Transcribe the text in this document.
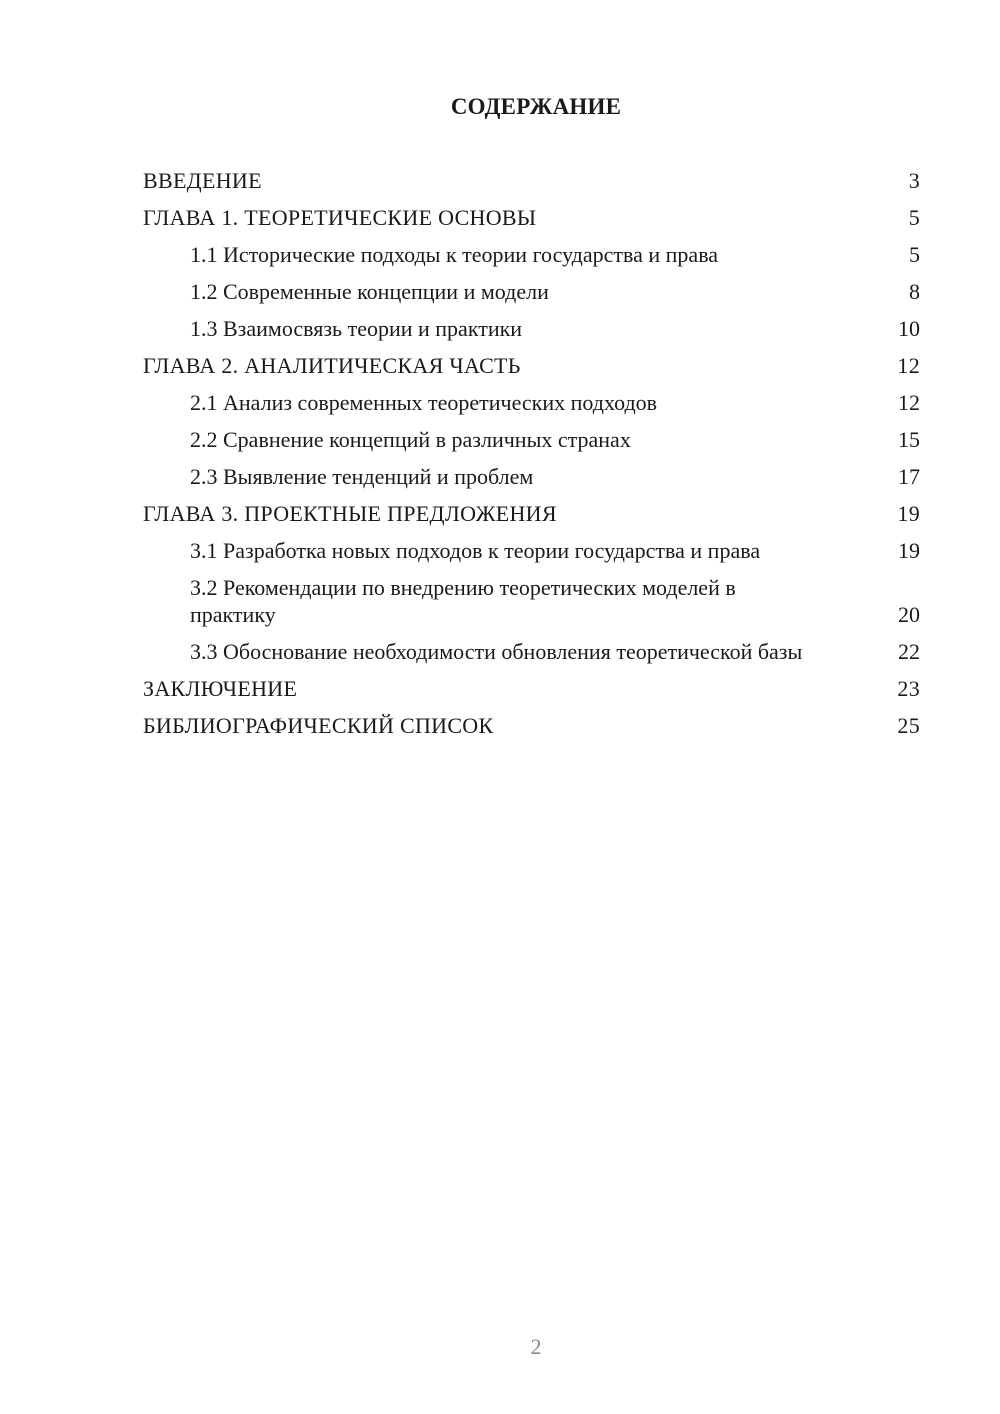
СОДЕРЖАНИЕ
ВВЕДЕНИЕ	3
ГЛАВА 1. ТЕОРЕТИЧЕСКИЕ ОСНОВЫ	5
1.1 Исторические подходы к теории государства и права	5
1.2 Современные концепции и модели	8
1.3 Взаимосвязь теории и практики	10
ГЛАВА 2. АНАЛИТИЧЕСКАЯ ЧАСТЬ	12
2.1 Анализ современных теоретических подходов	12
2.2 Сравнение концепций в различных странах	15
2.3 Выявление тенденций и проблем	17
ГЛАВА 3. ПРОЕКТНЫЕ ПРЕДЛОЖЕНИЯ	19
3.1 Разработка новых подходов к теории государства и права	19
3.2 Рекомендации по внедрению теоретических моделей в практику	20
3.3 Обоснование необходимости обновления теоретической базы	22
ЗАКЛЮЧЕНИЕ	23
БИБЛИОГРАФИЧЕСКИЙ СПИСОК	25
2
